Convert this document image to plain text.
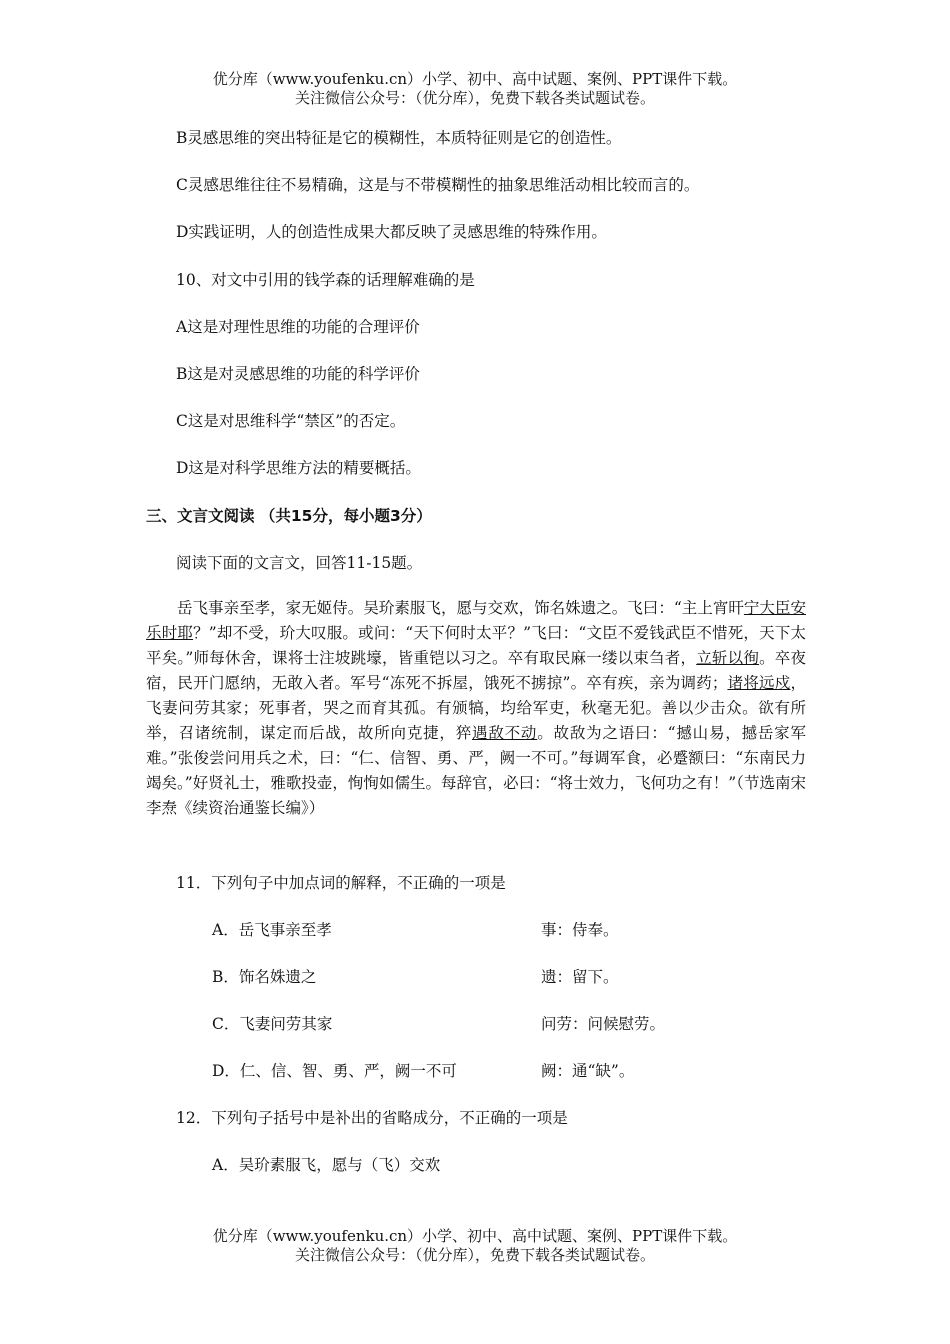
优分库（www.youfenku.cn）小学、初中、高中试题、案例、PPT课件下载。
关注微信公众号：（优分库），免费下载各类试题试卷。
B灵感思维的突出特征是它的模糊性，本质特征则是它的创造性。
C灵感思维往往不易精确，这是与不带模糊性的抽象思维活动相比较而言的。
D实践证明，人的创造性成果大都反映了灵感思维的特殊作用。
10、对文中引用的钱学森的话理解难确的是
A这是对理性思维的功能的合理评价
B这是对灵感思维的功能的科学评价
C这是对思维科学“禁区”的否定。
D这是对科学思维方法的精要概括。
三、文言文阅读 （共15分，每小题3分）
阅读下面的文言文，回答11-15题。
岳飞事亲至孝，家无姬侍。吴玠素服飞，愿与交欢，饰名姝遗之。飞曰：“主上宵旰宁大臣安乐时耶？”却不受，玠大叹服。或问：“天下何时太平？”飞曰：“文臣不爱钱武臣不惜死，天下太平矣。”师每休舍，课将士注坡跳壕，皆重铠以习之。卒有取民麻一缕以束刍者，立斩以徇。卒夜宿，民开门愿纳，无敢入者。军号“冻死不拆屋，饿死不掳掠”。卒有疾，亲为调药；诸将远戍，飞妻问劳其家；死事者，哭之而育其孤。有颁犒，均给军吏，秋毫无犯。善以少击众。欲有所举，召诸统制，谋定而后战，故所向克捷，猝遇敌不动。故敌为之语曰：“撼山易，撼岳家军难。”张俊尝问用兵之术，曰：“仁、信智、勇、严，阙一不可。”每调军食，必蹙额曰：“东南民力竭矣。”好贤礼士，雅歌投壶，恂恂如儒生。每辞官，必曰：“将士效力，飞何功之有！”（节选南宋李焘《续资治通鉴长编》）
11．下列句子中加点词的解释，不正确的一项是
A．岳飞事亲至孝	事：侍奉。
B．饰名姝遗之	遗：留下。
C．飞妻问劳其家	问劳：问候慰劳。
D．仁、信、智、勇、严，阙一不可	阙：通“缺”。
12．下列句子括号中是补出的省略成分，不正确的一项是
A．吴玠素服飞，愿与（飞）交欢
优分库（www.youfenku.cn）小学、初中、高中试题、案例、PPT课件下载。
关注微信公众号：（优分库），免费下载各类试题试卷。
